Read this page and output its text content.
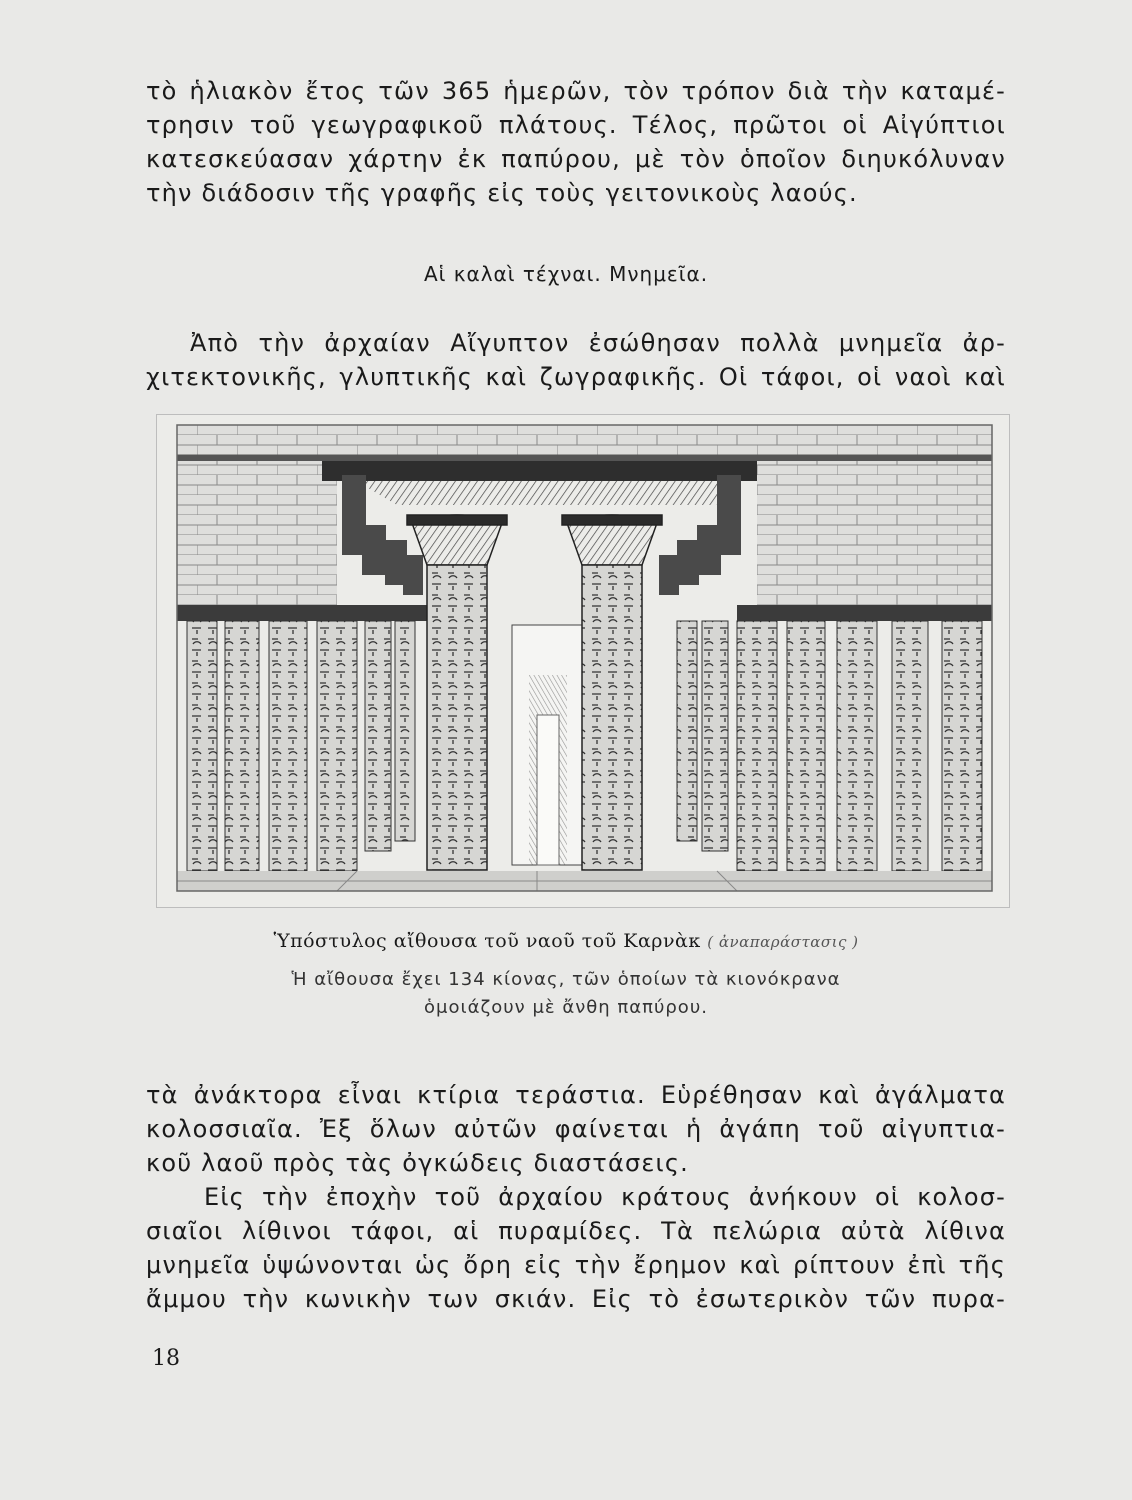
τὸ ἡλιακὸν ἔτος τῶν 365 ἡμερῶν, τὸν τρόπον διὰ τὴν καταμέ-
τρησιν τοῦ γεωγραφικοῦ πλάτους. Τέλος, πρῶτοι οἱ Αἰγύπτιοι
κατεσκεύασαν χάρτην ἐκ παπύρου, μὲ τὸν ὁποῖον διηυκόλυναν
τὴν διάδοσιν τῆς γραφῆς εἰς τοὺς γειτονικοὺς λαούς.
Αἱ καλαὶ τέχναι. Μνημεῖα.
Ἀπὸ τὴν ἀρχαίαν Αἴγυπτον ἐσώθησαν πολλὰ μνημεῖα ἀρ-
χιτεκτονικῆς, γλυπτικῆς καὶ ζωγραφικῆς. Οἱ τάφοι, οἱ ναοὶ καὶ
Ὑπόστυλος αἴθουσα τοῦ ναοῦ τοῦ Καρνὰκ ( ἀναπαράστασις )
Ἡ αἴθουσα ἔχει 134 κίονας, τῶν ὁποίων τὰ κιονόκρανα
ὁμοιάζουν μὲ ἄνθη παπύρου.
τὰ ἀνάκτορα εἶναι κτίρια τεράστια. Εὑρέθησαν καὶ ἀγάλματα
κολοσσιαῖα. Ἐξ ὅλων αὐτῶν φαίνεται ἡ ἀγάπη τοῦ αἰγυπτια-
κοῦ λαοῦ πρὸς τὰς ὀγκώδεις διαστάσεις.
Εἰς τὴν ἐποχὴν τοῦ ἀρχαίου κράτους ἀνήκουν οἱ κολοσ-
σιαῖοι λίθινοι τάφοι, αἱ πυραμίδες. Τὰ πελώρια αὐτὰ λίθινα
μνημεῖα ὑψώνονται ὡς ὄρη εἰς τὴν ἔρημον καὶ ρίπτουν ἐπὶ τῆς
ἄμμου τὴν κωνικὴν των σκιάν. Εἰς τὸ ἐσωτερικὸν τῶν πυρα-
18
